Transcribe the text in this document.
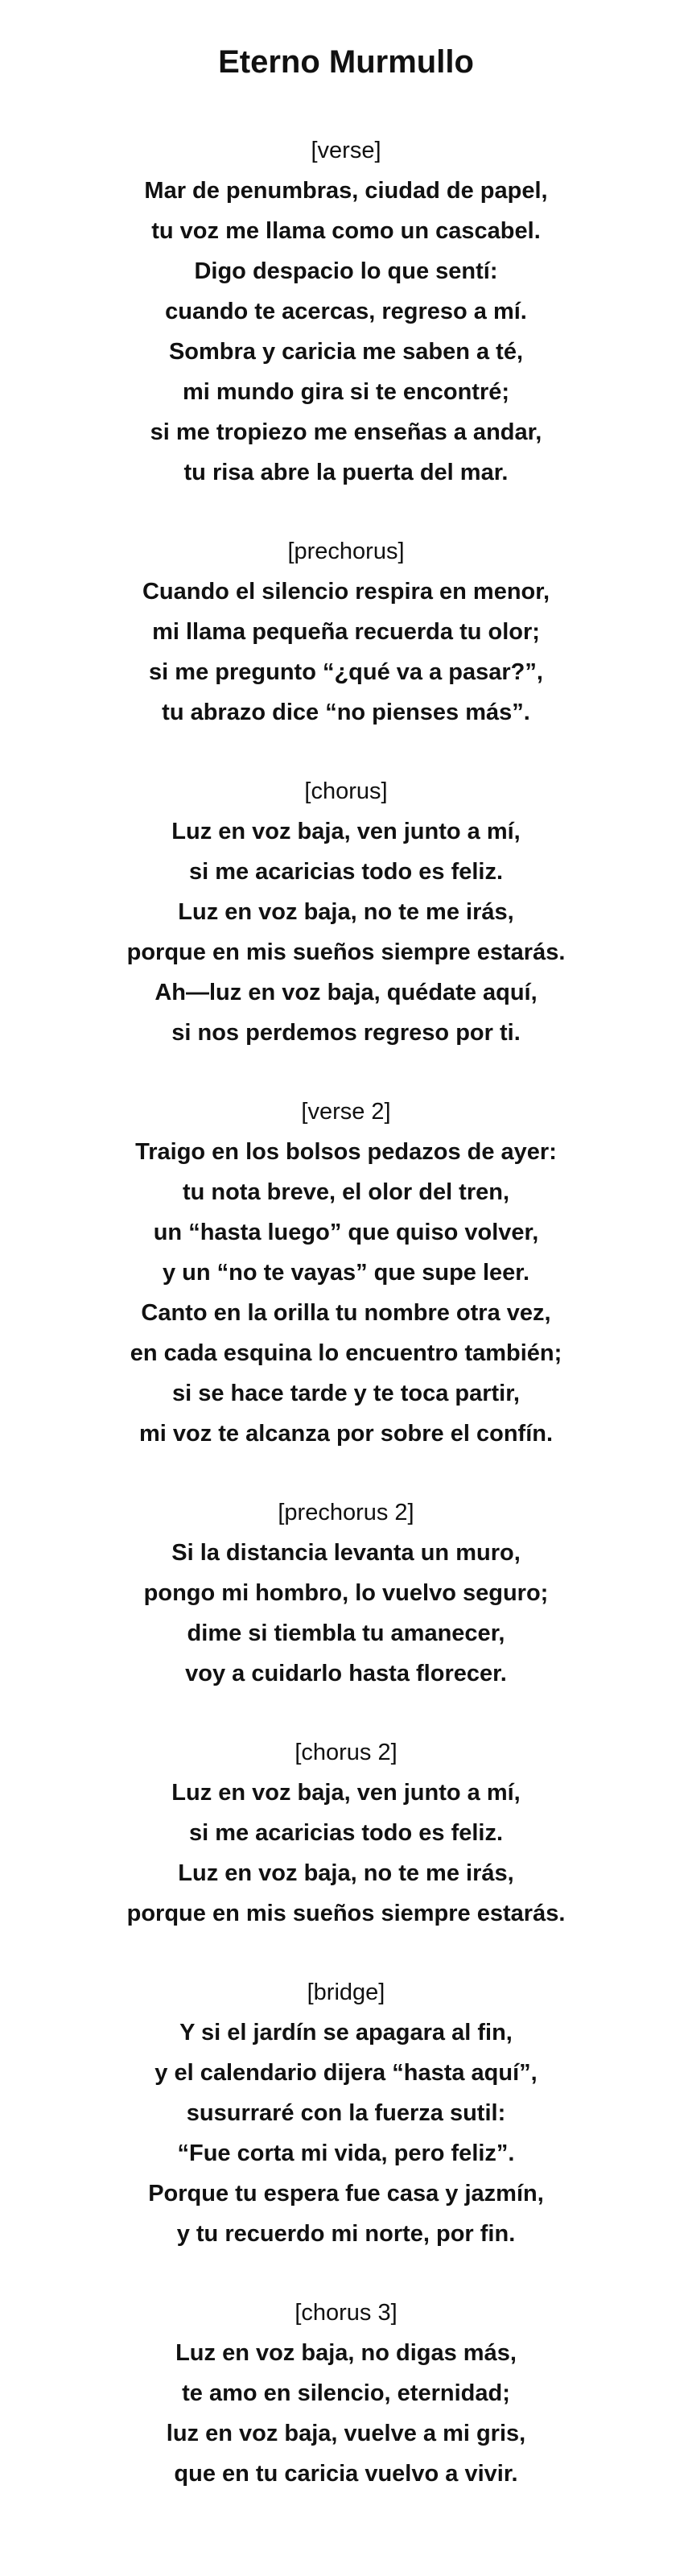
Eterno Murmullo
[verse]
Mar de penumbras, ciudad de papel,
tu voz me llama como un cascabel.
Digo despacio lo que sentí:
cuando te acercas, regreso a mí.
Sombra y caricia me saben a té,
mi mundo gira si te encontré;
si me tropiezo me enseñas a andar,
tu risa abre la puerta del mar.
[prechorus]
Cuando el silencio respira en menor,
mi llama pequeña recuerda tu olor;
si me pregunto “¿qué va a pasar?”,
tu abrazo dice “no pienses más”.
[chorus]
Luz en voz baja, ven junto a mí,
si me acaricias todo es feliz.
Luz en voz baja, no te me irás,
porque en mis sueños siempre estarás.
Ah—luz en voz baja, quédate aquí,
si nos perdemos regreso por ti.
[verse 2]
Traigo en los bolsos pedazos de ayer:
tu nota breve, el olor del tren,
un “hasta luego” que quiso volver,
y un “no te vayas” que supe leer.
Canto en la orilla tu nombre otra vez,
en cada esquina lo encuentro también;
si se hace tarde y te toca partir,
mi voz te alcanza por sobre el confín.
[prechorus 2]
Si la distancia levanta un muro,
pongo mi hombro, lo vuelvo seguro;
dime si tiembla tu amanecer,
voy a cuidarlo hasta florecer.
[chorus 2]
Luz en voz baja, ven junto a mí,
si me acaricias todo es feliz.
Luz en voz baja, no te me irás,
porque en mis sueños siempre estarás.
[bridge]
Y si el jardín se apagara al fin,
y el calendario dijera “hasta aquí”,
susurraré con la fuerza sutil:
“Fue corta mi vida, pero feliz”.
Porque tu espera fue casa y jazmín,
y tu recuerdo mi norte, por fin.
[chorus 3]
Luz en voz baja, no digas más,
te amo en silencio, eternidad;
luz en voz baja, vuelve a mi gris,
que en tu caricia vuelvo a vivir.
